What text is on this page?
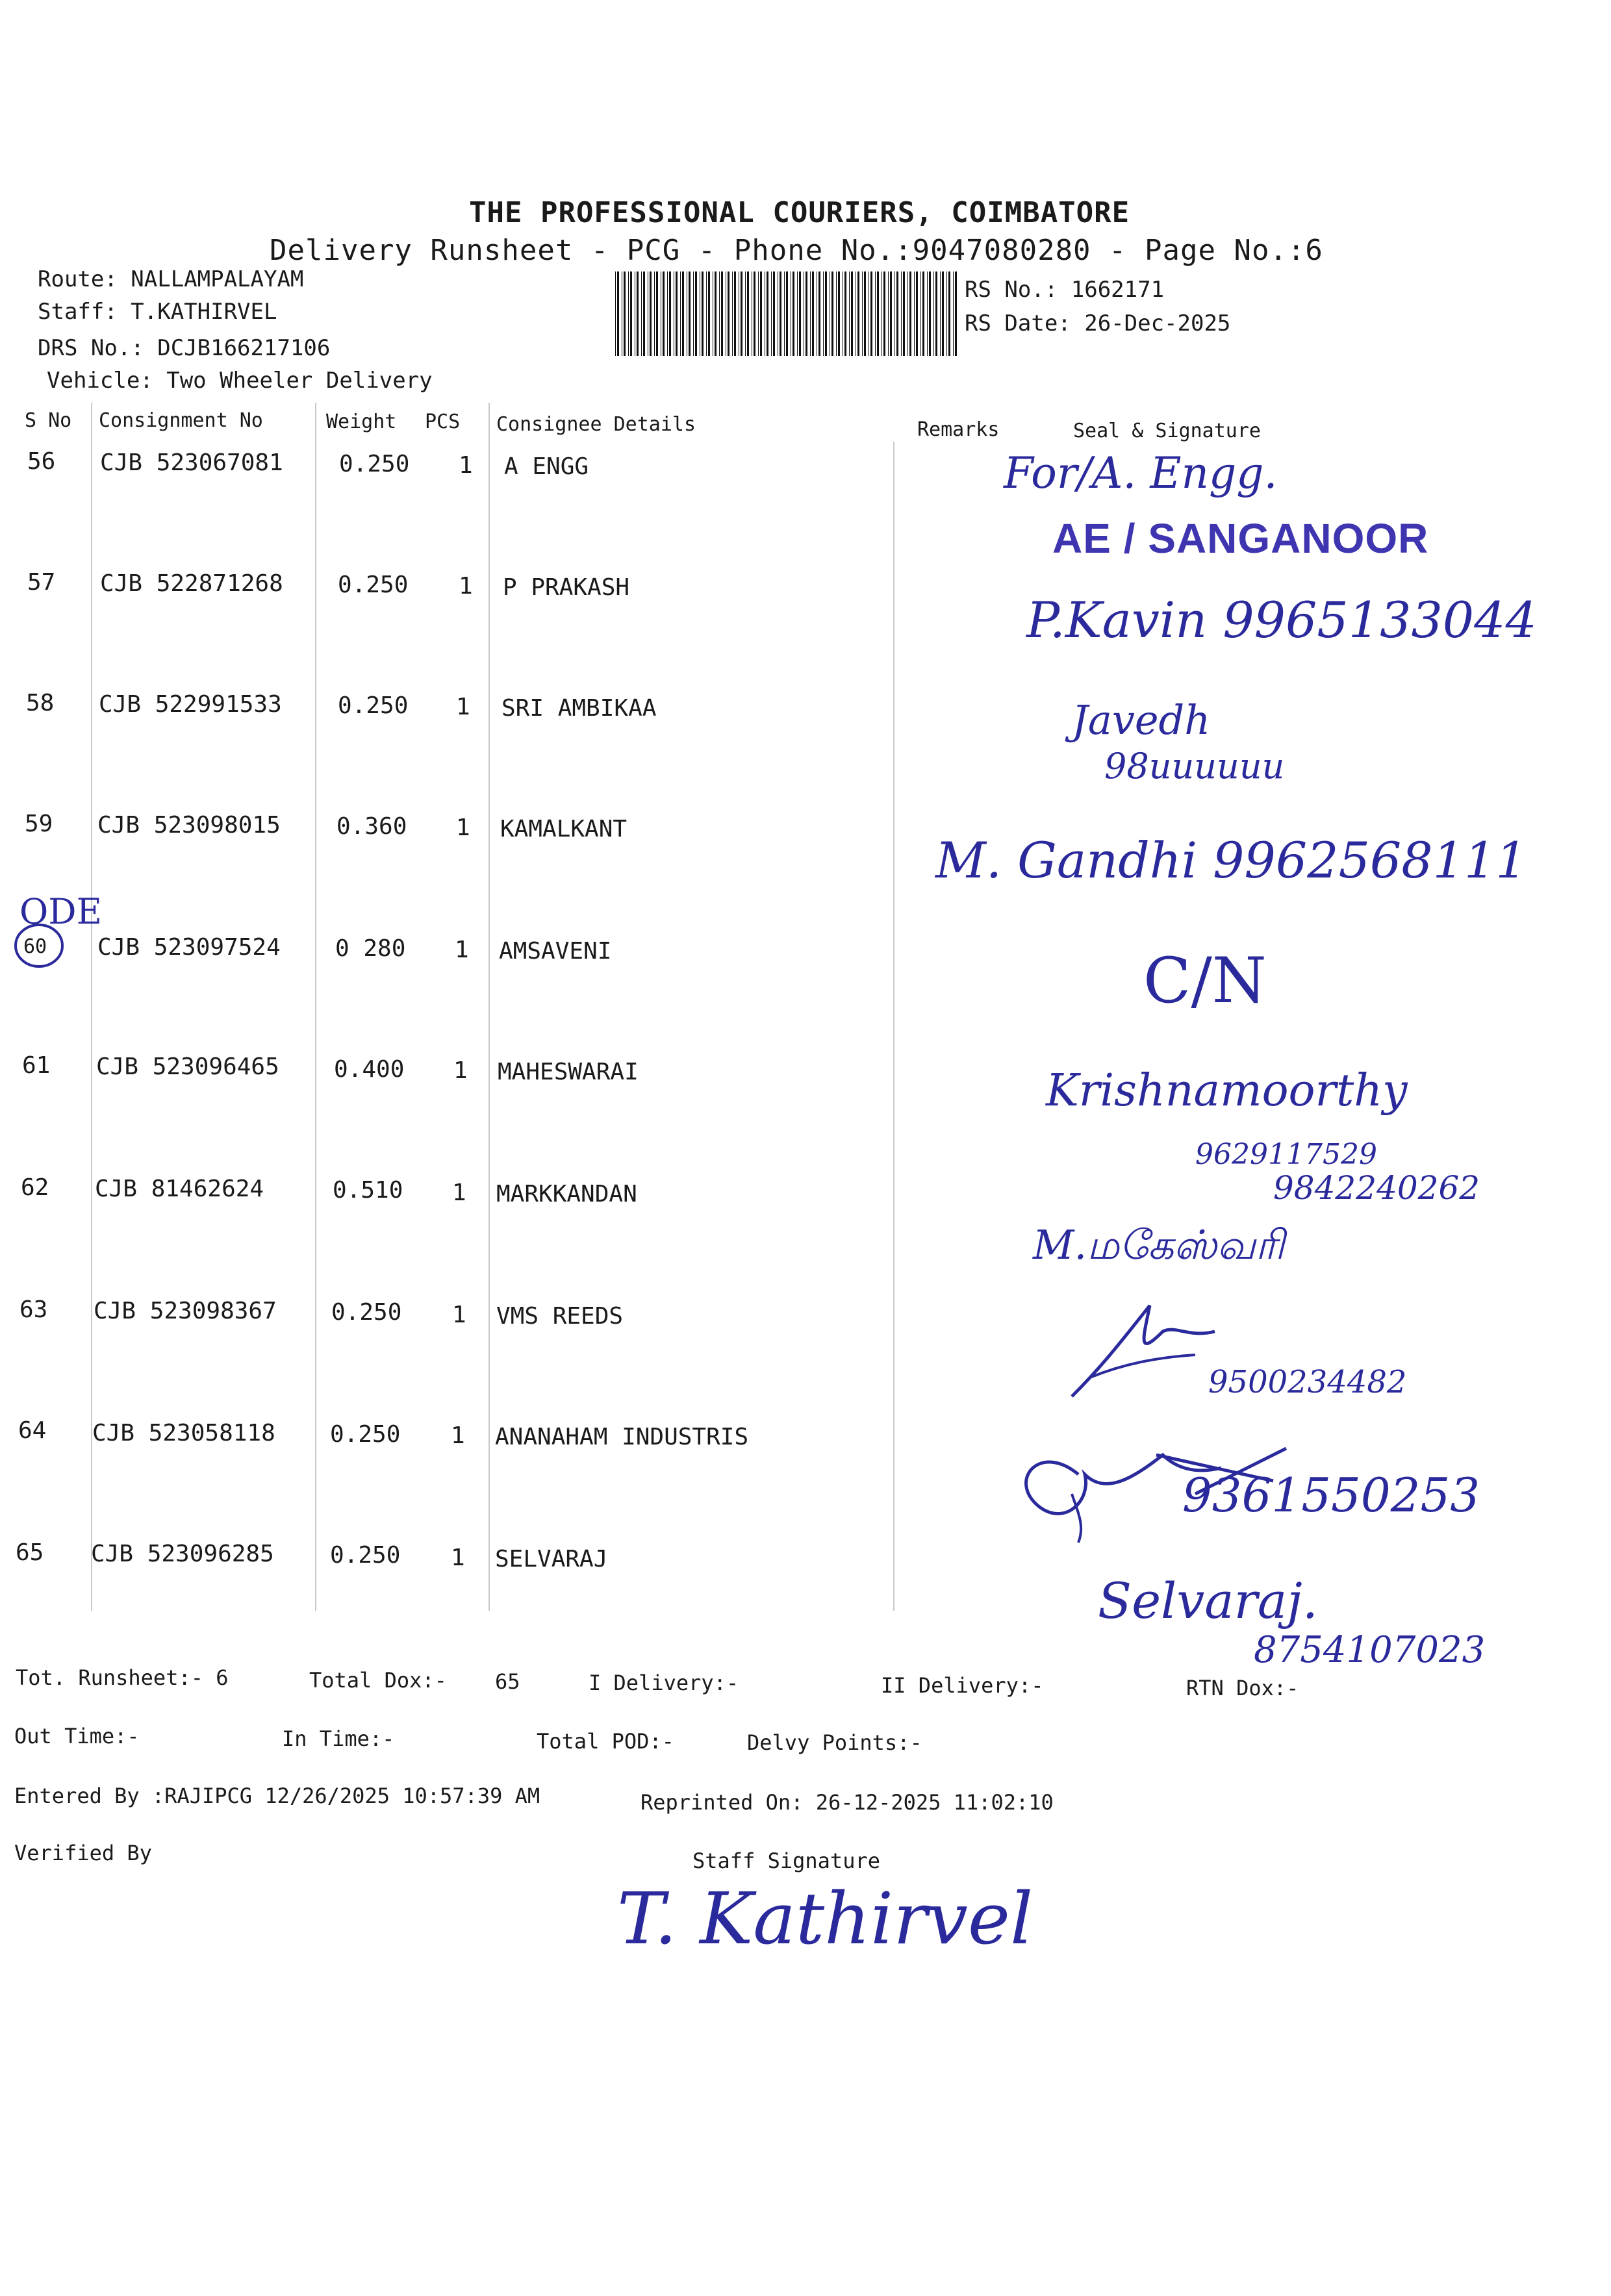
THE PROFESSIONAL COURIERS, COIMBATORE
Delivery Runsheet - PCG - Phone No.:9047080280 - Page No.:6
Route: NALLAMPALAYAM
Staff: T.KATHIRVEL
DRS No.: DCJB166217106
Vehicle: Two Wheeler Delivery
RS No.: 1662171
RS Date: 26-Dec-2025
S No Consignment No	Weight PCS Consignee Details	Remarks	Seal & Signature
56 CJB 523067081 0.250 1 A ENGG
57 CJB 522871268 0.250 1 P PRAKASH
58 CJB 522991533 0.250 1 SRI AMBIKAA
59 CJB 523098015 0.360 1 KAMALKANT
60 CJB 523097524 0 280 1 AMSAVENI
61 CJB 523096465 0.400 1 MAHESWARAI
62 CJB 81462624	0.510 1 MARKKANDAN
63 CJB 523098367 0.250 1 VMS REEDS
64 CJB 523058118 0.250 1 ANANAHAM INDUSTRIS
65 CJB 523096285 0.250 1 SELVARAJ
For/A. Engg.
AE / SANGANOOR
P.Kavin 9965133044
Javedh
98uuuuuu
M. Gandhi 9962568111
C/N
ODE
Krishnamoorthy
9629117529
9842240262
M.மகேஸ்வரி
9500234482
9361550253
Selvaraj.
8754107023
Tot. Runsheet:- 6	Total Dox:- 65	I Delivery:-	II Delivery:-	RTN Dox:-
Out Time:-	In Time:-	Total POD:-	Delvy Points:-
Entered By :RAJIPCG 12/26/2025 10:57:39 AM	Reprinted On: 26-12-2025 11:02:10
Verified By	Staff Signature
T. Kathirvel
